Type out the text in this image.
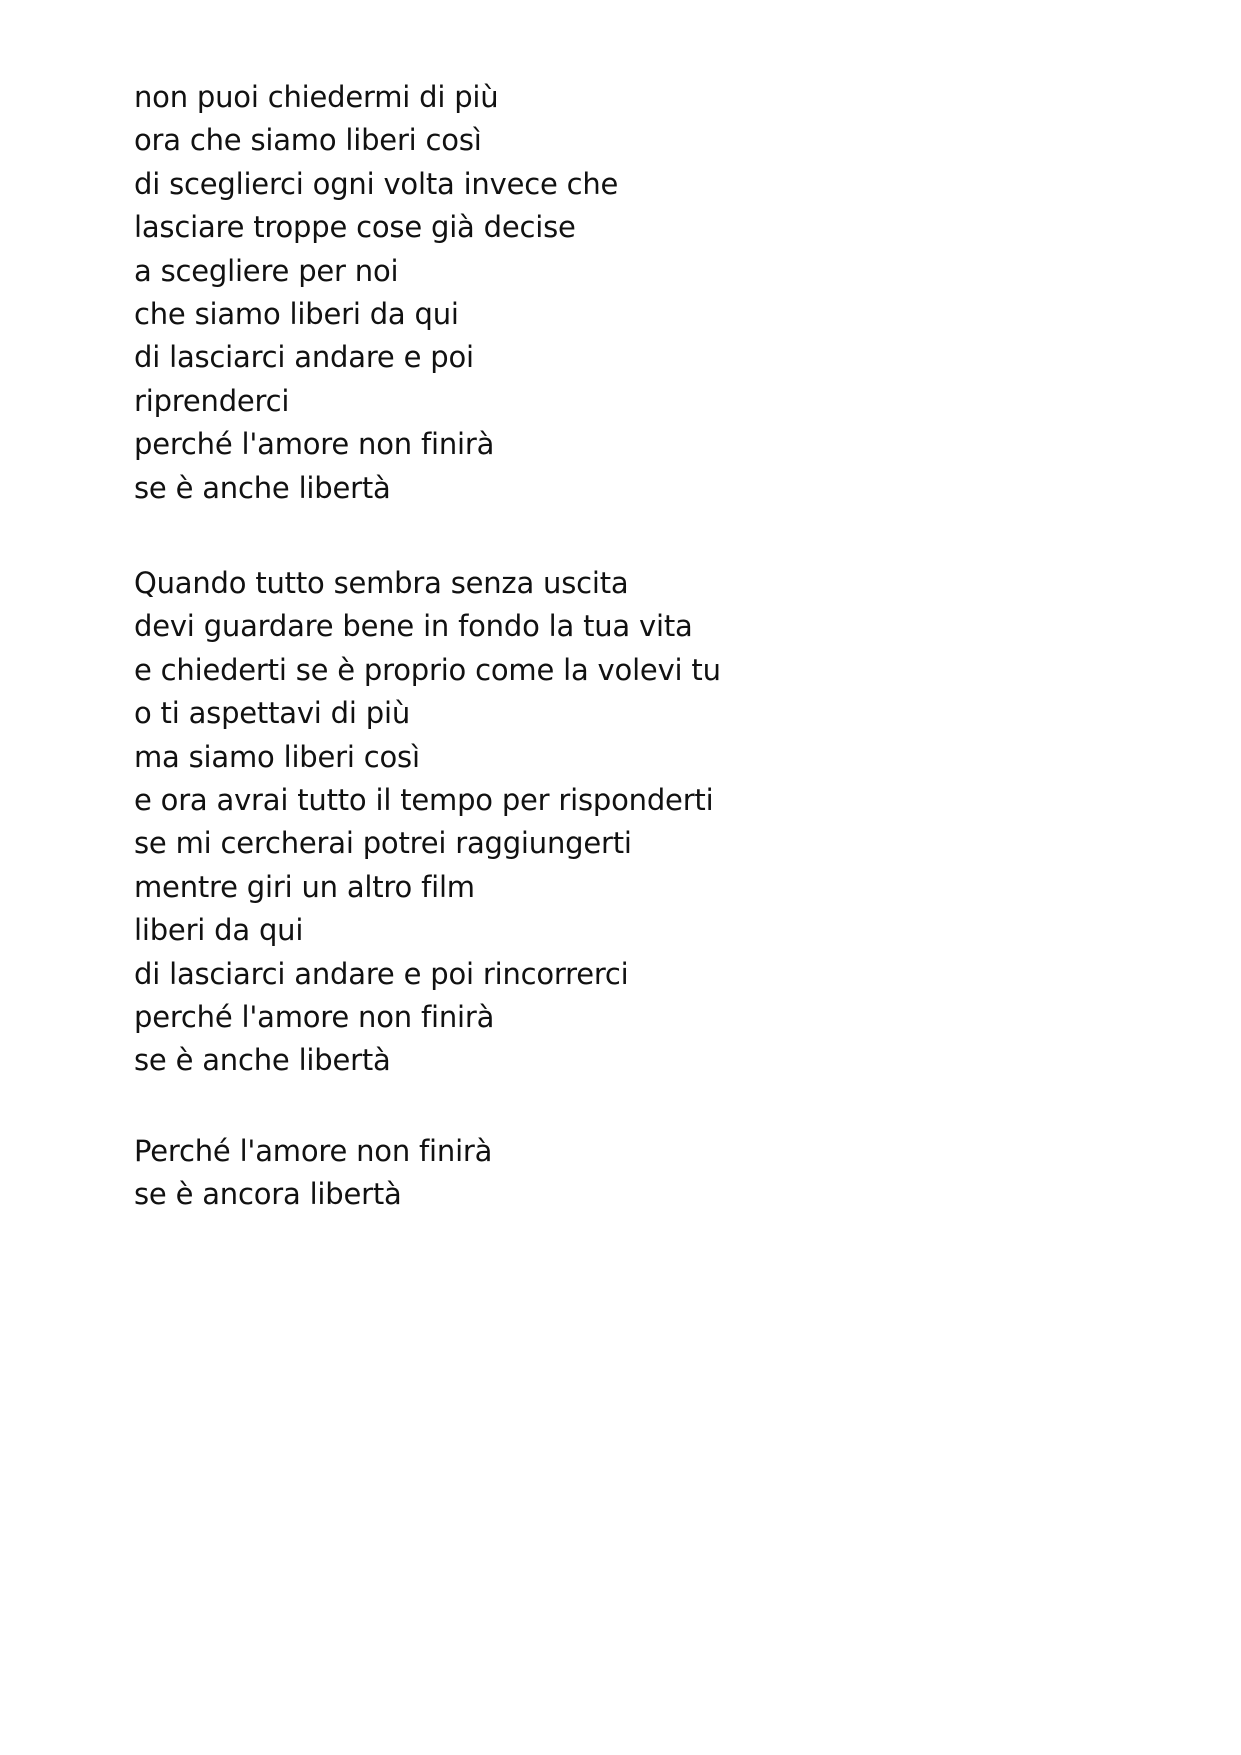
non puoi chiedermi di più
ora che siamo liberi così
di sceglierci ogni volta invece che
lasciare troppe cose già decise
a scegliere per noi
che siamo liberi da qui
di lasciarci andare e poi
riprenderci
perché l'amore non finirà
se è anche libertà
Quando tutto sembra senza uscita
devi guardare bene in fondo la tua vita
e chiederti se è proprio come la volevi tu
o ti aspettavi di più
ma siamo liberi così
e ora avrai tutto il tempo per risponderti
se mi cercherai potrei raggiungerti
mentre giri un altro film
liberi da qui
di lasciarci andare e poi rincorrerci
perché l'amore non finirà
se è anche libertà
Perché l'amore non finirà
se è ancora libertà
